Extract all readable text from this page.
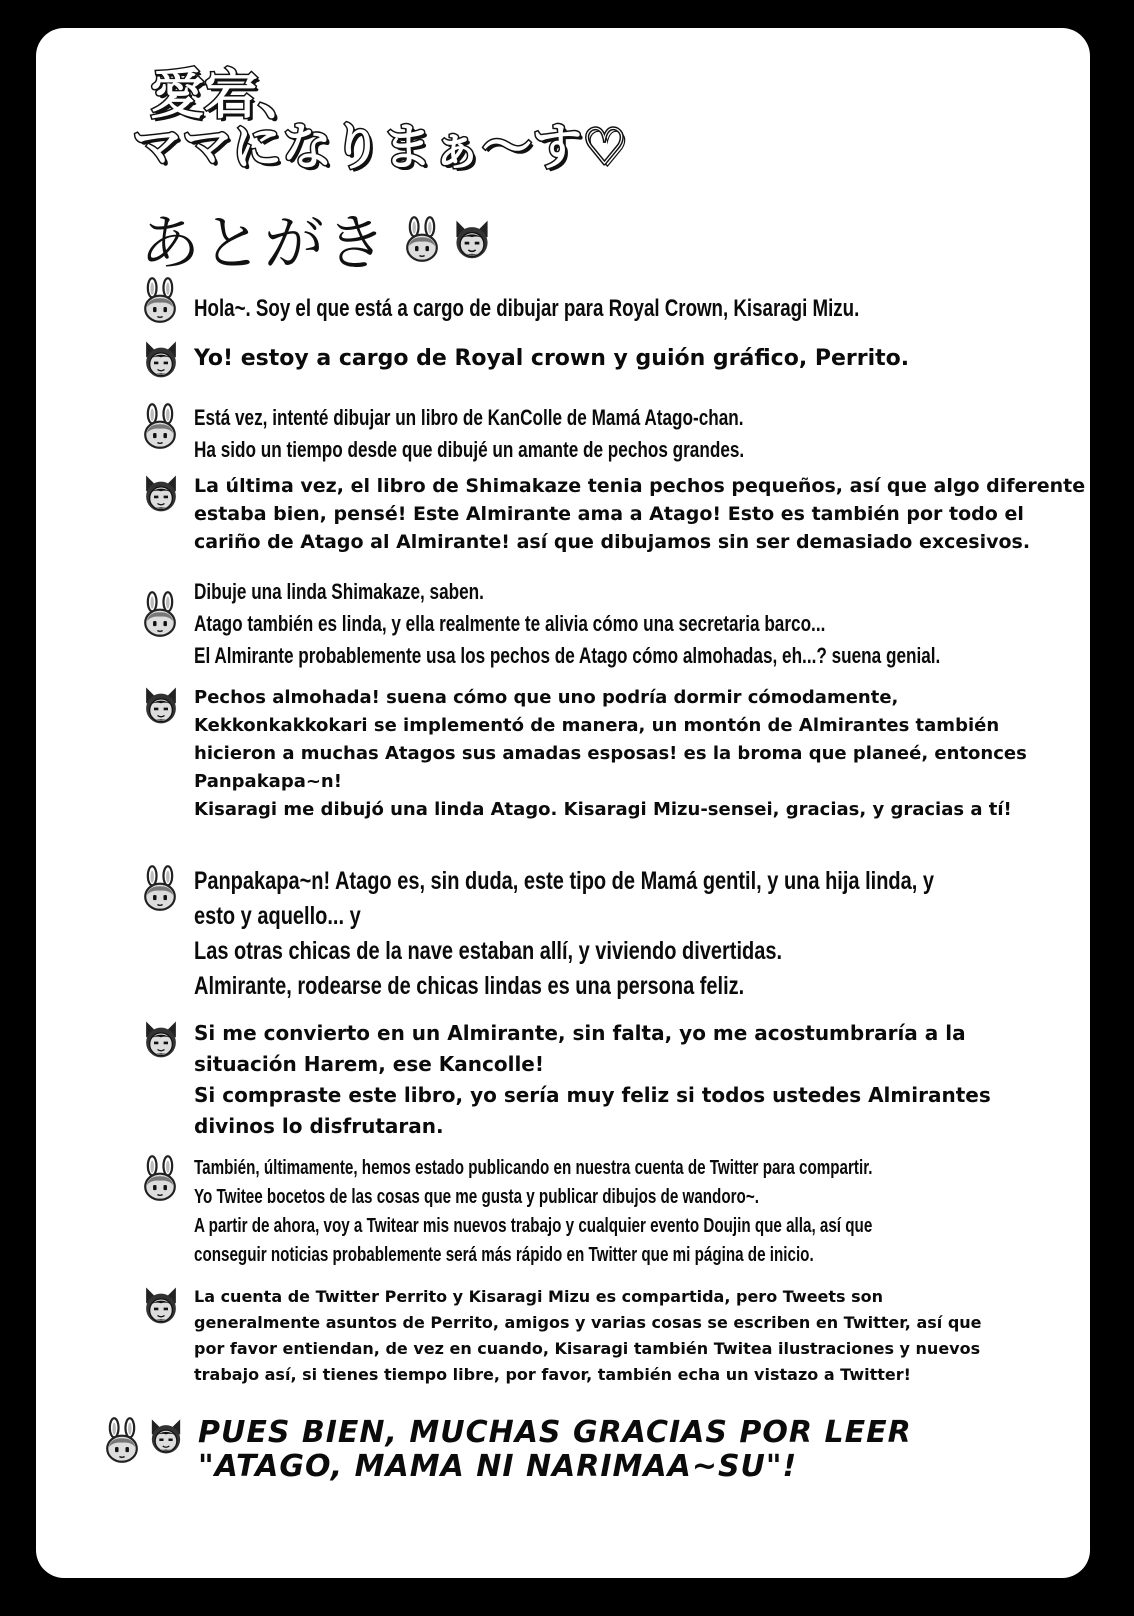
愛宕、
ママになりまぁ〜す♡
あとがき
Hola~. Soy el que está a cargo de dibujar para Royal Crown, Kisaragi Mizu.
Yo! estoy a cargo de Royal crown y guión gráfico, Perrito.
Está vez, intenté dibujar un libro de KanColle de Mamá Atago-chan.
Ha sido un tiempo desde que dibujé un amante de pechos grandes.
La última vez, el libro de Shimakaze tenia pechos pequeños, así que algo diferente
estaba bien, pensé! Este Almirante ama a Atago! Esto es también por todo el
cariño de Atago al Almirante! así que dibujamos sin ser demasiado excesivos.
Dibuje una linda Shimakaze, saben.
Atago también es linda, y ella realmente te alivia cómo una secretaria barco...
El Almirante probablemente usa los pechos de Atago cómo almohadas, eh...? suena genial.
Pechos almohada! suena cómo que uno podría dormir cómodamente,
Kekkonkakkokari se implementó de manera, un montón de Almirantes también
hicieron a muchas Atagos sus amadas esposas! es la broma que planeé, entonces
Panpakapa~n!
Kisaragi me dibujó una linda Atago. Kisaragi Mizu-sensei, gracias, y gracias a tí!
Panpakapa~n! Atago es, sin duda, este tipo de Mamá gentil, y una hija linda, y
esto y aquello... y
Las otras chicas de la nave estaban allí, y viviendo divertidas.
Almirante, rodearse de chicas lindas es una persona feliz.
Si me convierto en un Almirante, sin falta, yo me acostumbraría a la
situación Harem, ese Kancolle!
Si compraste este libro, yo sería muy feliz si todos ustedes Almirantes
divinos lo disfrutaran.
También, últimamente, hemos estado publicando en nuestra cuenta de Twitter para compartir.
Yo Twitee bocetos de las cosas que me gusta y publicar dibujos de wandoro~.
A partir de ahora, voy a Twitear mis nuevos trabajo y cualquier evento Doujin que alla, así que
conseguir noticias probablemente será más rápido en Twitter que mi página de inicio.
La cuenta de Twitter Perrito y Kisaragi Mizu es compartida, pero Tweets son
generalmente asuntos de Perrito, amigos y varias cosas se escriben en Twitter, así que
por favor entiendan, de vez en cuando, Kisaragi también Twitea ilustraciones y nuevos
trabajo así, si tienes tiempo libre, por favor, también echa un vistazo a Twitter!
PUES BIEN, MUCHAS GRACIAS POR LEER
"ATAGO, MAMA NI NARIMAA~SU"!
